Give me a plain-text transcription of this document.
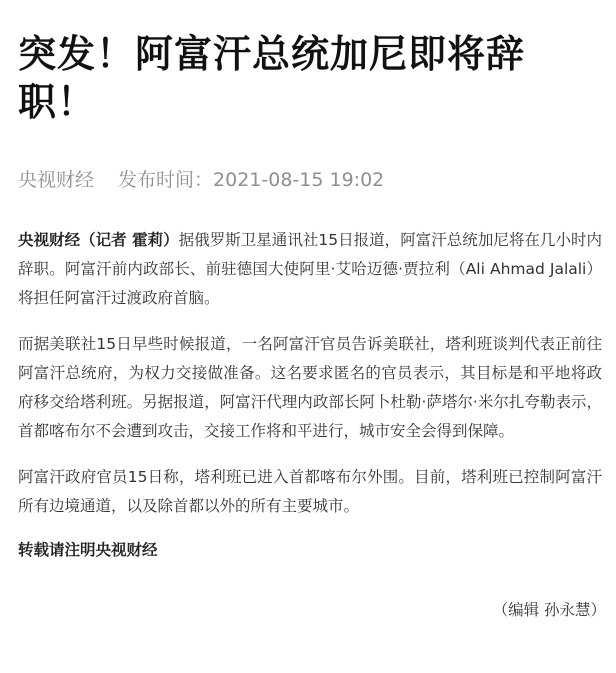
突发！阿富汗总统加尼即将辞职！
央视财经 发布时间：2021-08-15 19:02

央视财经（记者 霍莉）据俄罗斯卫星通讯社15日报道，阿富汗总统加尼将在几小时内辞职。阿富汗前内政部长、前驻德国大使阿里·艾哈迈德·贾拉利（Ali Ahmad Jalali）将担任阿富汗过渡政府首脑。

而据美联社15日早些时候报道，一名阿富汗官员告诉美联社，塔利班谈判代表正前往阿富汗总统府，为权力交接做准备。这名要求匿名的官员表示，其目标是和平地将政府移交给塔利班。另据报道，阿富汗代理内政部长阿卜杜勒·萨塔尔·米尔扎夸勒表示，首都喀布尔不会遭到攻击，交接工作将和平进行，城市安全会得到保障。

阿富汗政府官员15日称，塔利班已进入首都喀布尔外围。目前，塔利班已控制阿富汗所有边境通道，以及除首都以外的所有主要城市。

转载请注明央视财经

（编辑 孙永慧）
